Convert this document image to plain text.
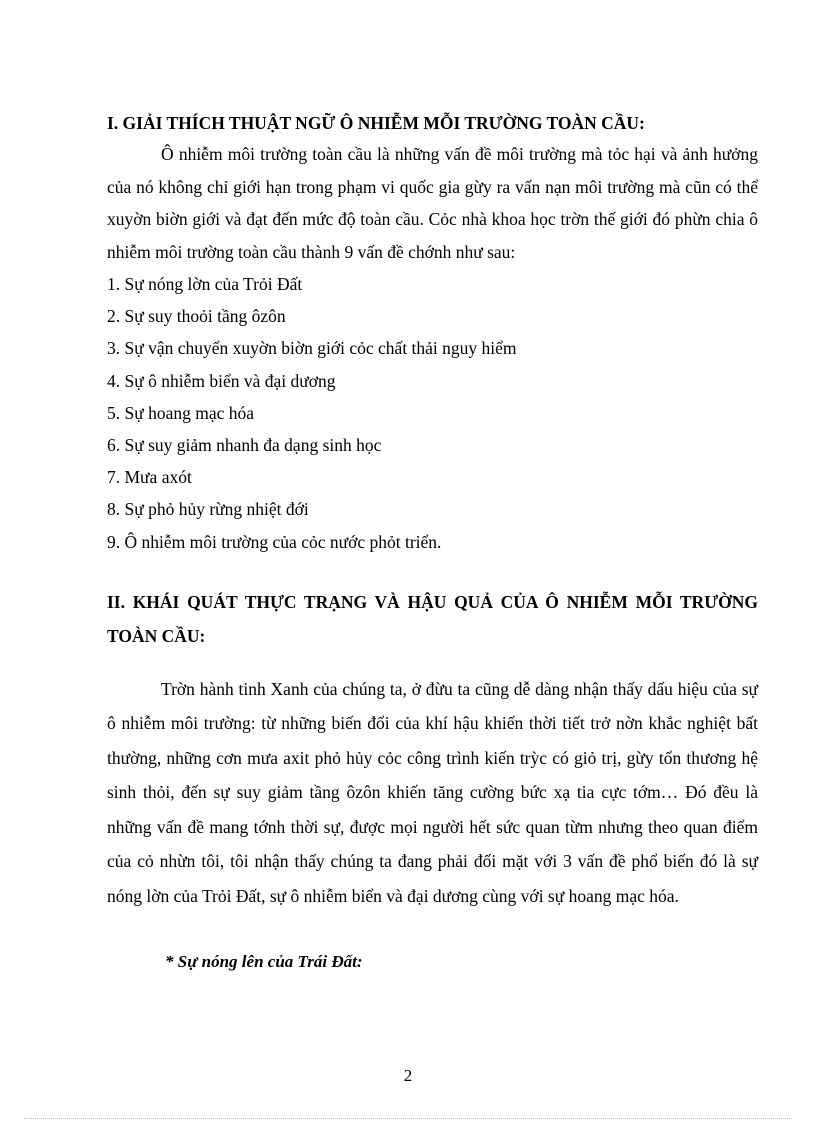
I. GIẢI THÍCH THUẬT NGỮ Ô NHIỄM MỖI TRƯỜNG TOÀN CẦU:

Ô nhiễm môi trường toàn cầu là những vấn đề môi trường mà tỏc hại và ảnh hưởng của nó không chỉ giới hạn trong phạm vi quốc gia gừy ra vấn nạn môi trường mà cũn có thể xuyờn biờn giới và đạt đến mức độ toàn cầu. Cỏc nhà khoa học trờn thế giới đó phừn chia ô nhiễm môi trường toàn cầu thành 9 vấn đề chớnh như sau:

1. Sự nóng lờn của Trỏi Đất
2. Sự suy thoỏi tầng ôzôn
3. Sự vận chuyển xuyờn biờn giới cỏc chất thải nguy hiểm
4. Sự ô nhiễm biển và đại dương
5. Sự hoang mạc hóa
6. Sự suy giảm nhanh đa dạng sinh học
7. Mưa axót
8. Sự phỏ hủy rừng nhiệt đới
9. Ô nhiễm môi trường của cỏc nước phỏt triển.

II. KHÁI QUÁT THỰC TRẠNG VÀ HẬU QUẢ CỦA Ô NHIỄM MỖI TRƯỜNG TOÀN CẦU:

Trờn hành tinh Xanh của chúng ta, ở đừu ta cũng dễ dàng nhận thấy dấu hiệu của sự ô nhiễm môi trường: từ những biến đổi của khí hậu khiến thời tiết trở nờn khắc nghiệt bất thường, những cơn mưa axit phỏ hủy cỏc công trình kiến trỳc có giỏ trị, gừy tổn thương hệ sinh thỏi, đến sự suy giảm tầng ôzôn khiến tăng cường bức xạ tia cực tớm… Đó đều là những vấn đề mang tớnh thời sự, được mọi người hết sức quan từm nhưng theo quan điểm của cỏ nhừn tôi, tôi nhận thấy chúng ta đang phải đối mặt với 3 vấn đề phổ biến đó là sự nóng lờn của Trỏi Đất, sự ô nhiễm biển và đại dương cùng với sự hoang mạc hóa.

* Sự nóng lên của Trái Đất:

2
